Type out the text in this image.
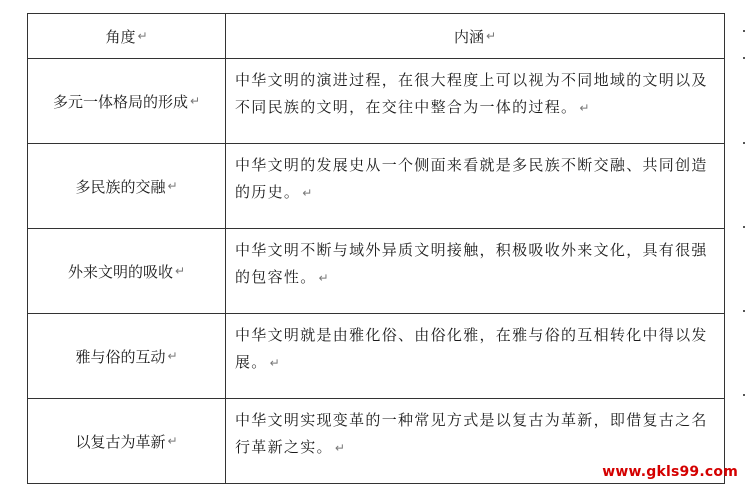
角度 ↵	内涵 ↵
多元一体格局的形成 ↵
中华文明的演进过程，在很大程度上可以视为不同地域的文明以及不同民族的文明，在交往中整合为一体的过程。 ↵
多民族的交融 ↵
中华文明的发展史从一个侧面来看就是多民族不断交融、共同创造的历史。 ↵
外来文明的吸收 ↵
中华文明不断与域外异质文明接触，积极吸收外来文化，具有很强的包容性。 ↵
雅与俗的互动 ↵
中华文明就是由雅化俗、由俗化雅，在雅与俗的互相转化中得以发展。 ↵
以复古为革新 ↵
中华文明实现变革的一种常见方式是以复古为革新，即借复古之名行革新之实。 ↵
www.gkls99.com
